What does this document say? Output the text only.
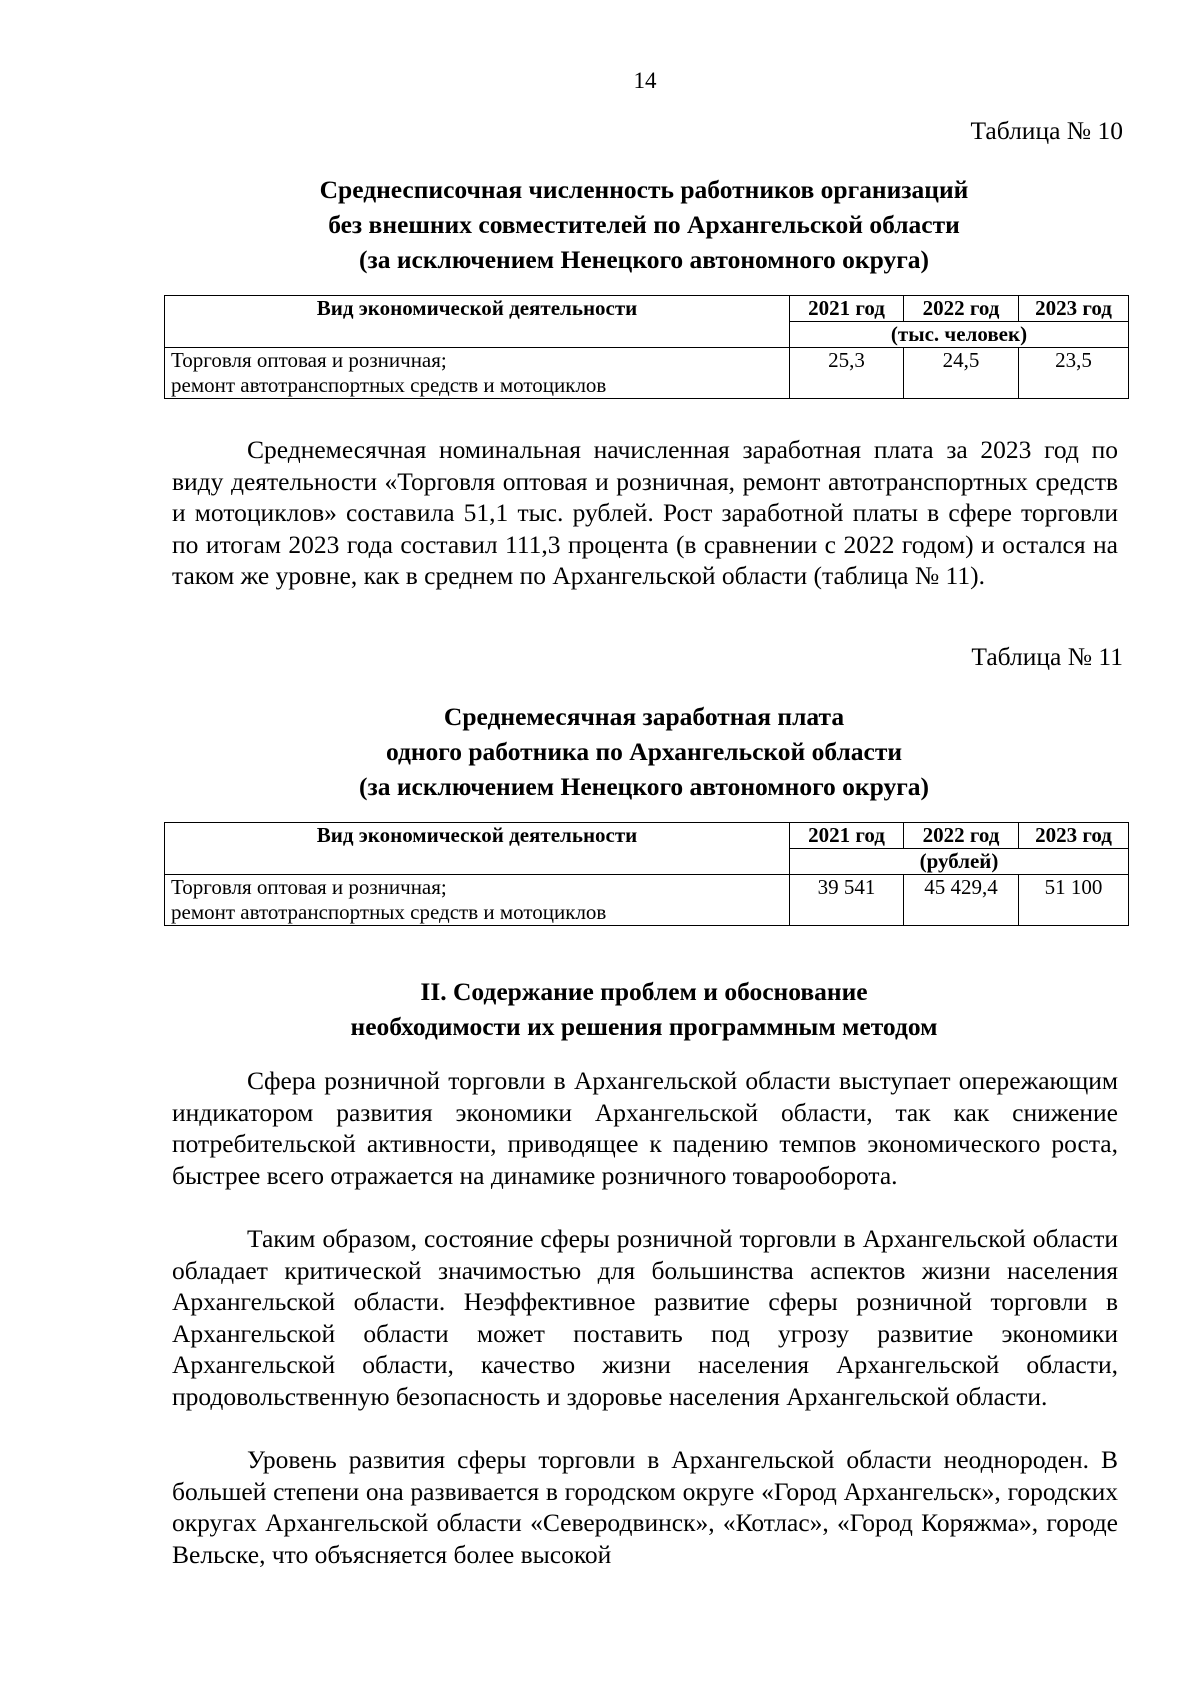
14
Таблица № 10
Среднесписочная численность работников организаций
без внешних совместителей по Архангельской области
(за исключением Ненецкого автономного округа)
Вид экономической деятельности	2021 год	2022 год	2023 год
	(тыс. человек)		

Торговля оптовая и розничная;
ремонт автотранспортных средств и мотоциклов	25,3	24,5	23,5

Среднемесячная номинальная начисленная заработная плата за 2023 год по виду деятельности «Торговля оптовая и розничная, ремонт автотранспортных средств и мотоциклов» составила 51,1 тыс. рублей. Рост заработной платы в сфере торговли по итогам 2023 года составил 111,3 процента (в сравнении с 2022 годом) и остался на таком же уровне, как в среднем по Архангельской области (таблица № 11).

Таблица № 11
Среднемесячная заработная плата
одного работника по Архангельской области
(за исключением Ненецкого автономного округа)
Вид экономической деятельности	2021 год	2022 год	2023 год
	(рублей)		

Торговля оптовая и розничная;
ремонт автотранспортных средств и мотоциклов	39 541	45 429,4	51 100
II. Содержание проблем и обоснование
необходимости их решения программным методом

Сфера розничной торговли в Архангельской области выступает опережающим индикатором развития экономики Архангельской области, так как снижение потребительской активности, приводящее к падению темпов экономического роста, быстрее всего отражается на динамике розничного товарооборота.

Таким образом, состояние сферы розничной торговли в Архангельской области обладает критической значимостью для большинства аспектов жизни населения Архангельской области. Неэффективное развитие сферы розничной торговли в Архангельской области может поставить под угрозу развитие экономики Архангельской области, качество жизни населения Архангельской области, продовольственную безопасность и здоровье населения Архангельской области.

Уровень развития сферы торговли в Архангельской области неоднороден. В большей степени она развивается в городском округе «Город Архангельск», городских округах Архангельской области «Северодвинск», «Котлас», «Город Коряжма», городе Вельске, что объясняется более высокой
